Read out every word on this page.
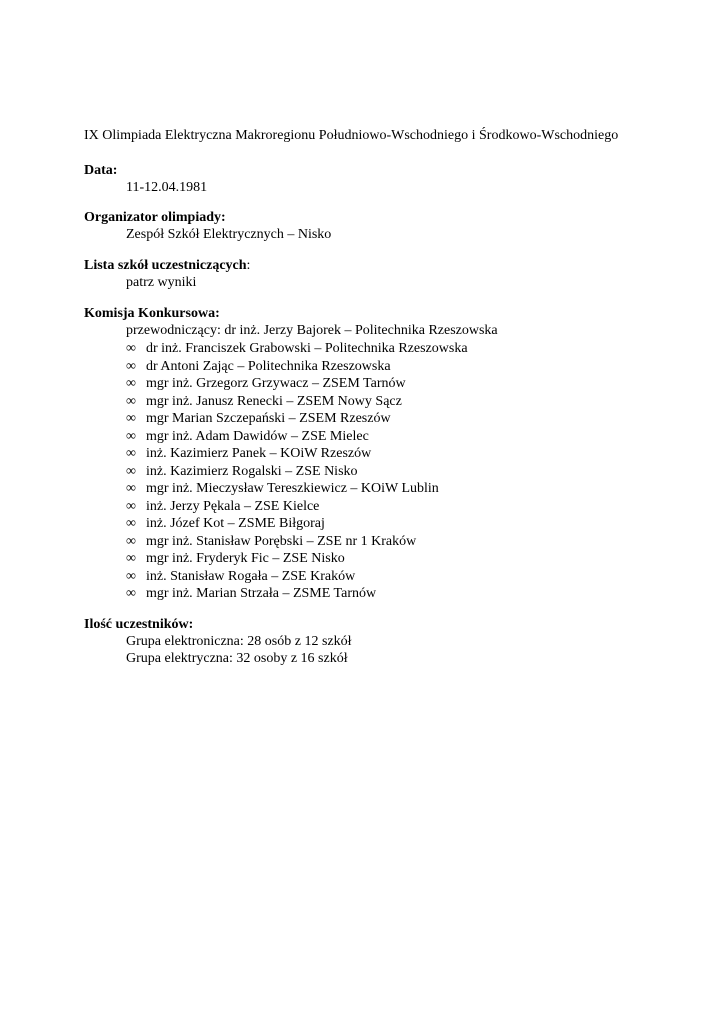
IX Olimpiada Elektryczna Makroregionu Południowo-Wschodniego i Środkowo-Wschodniego
Data:
11-12.04.1981
Organizator olimpiady:
Zespół Szkół Elektrycznych – Nisko
Lista szkół uczestniczących:
patrz wyniki
Komisja Konkursowa:
przewodniczący: dr inż. Jerzy Bajorek – Politechnika Rzeszowska
∞ dr inż. Franciszek Grabowski – Politechnika Rzeszowska
∞ dr Antoni Zając – Politechnika Rzeszowska
∞ mgr inż. Grzegorz Grzywacz – ZSEM Tarnów
∞ mgr inż. Janusz Renecki – ZSEM Nowy Sącz
∞ mgr Marian Szczepański – ZSEM Rzeszów
∞ mgr inż. Adam Dawidów – ZSE Mielec
∞ inż. Kazimierz Panek – KOiW Rzeszów
∞ inż. Kazimierz Rogalski – ZSE Nisko
∞ mgr inż. Mieczysław Tereszkiewicz – KOiW Lublin
∞ inż. Jerzy Pękala – ZSE Kielce
∞ inż. Józef Kot – ZSME Biłgoraj
∞ mgr inż. Stanisław Porębski – ZSE nr 1 Kraków
∞ mgr inż. Fryderyk Fic – ZSE Nisko
∞ inż. Stanisław Rogała – ZSE Kraków
∞ mgr inż. Marian Strzała – ZSME Tarnów
Ilość uczestników:
Grupa elektroniczna: 28 osób z 12 szkół
Grupa elektryczna: 32 osoby z 16 szkół
